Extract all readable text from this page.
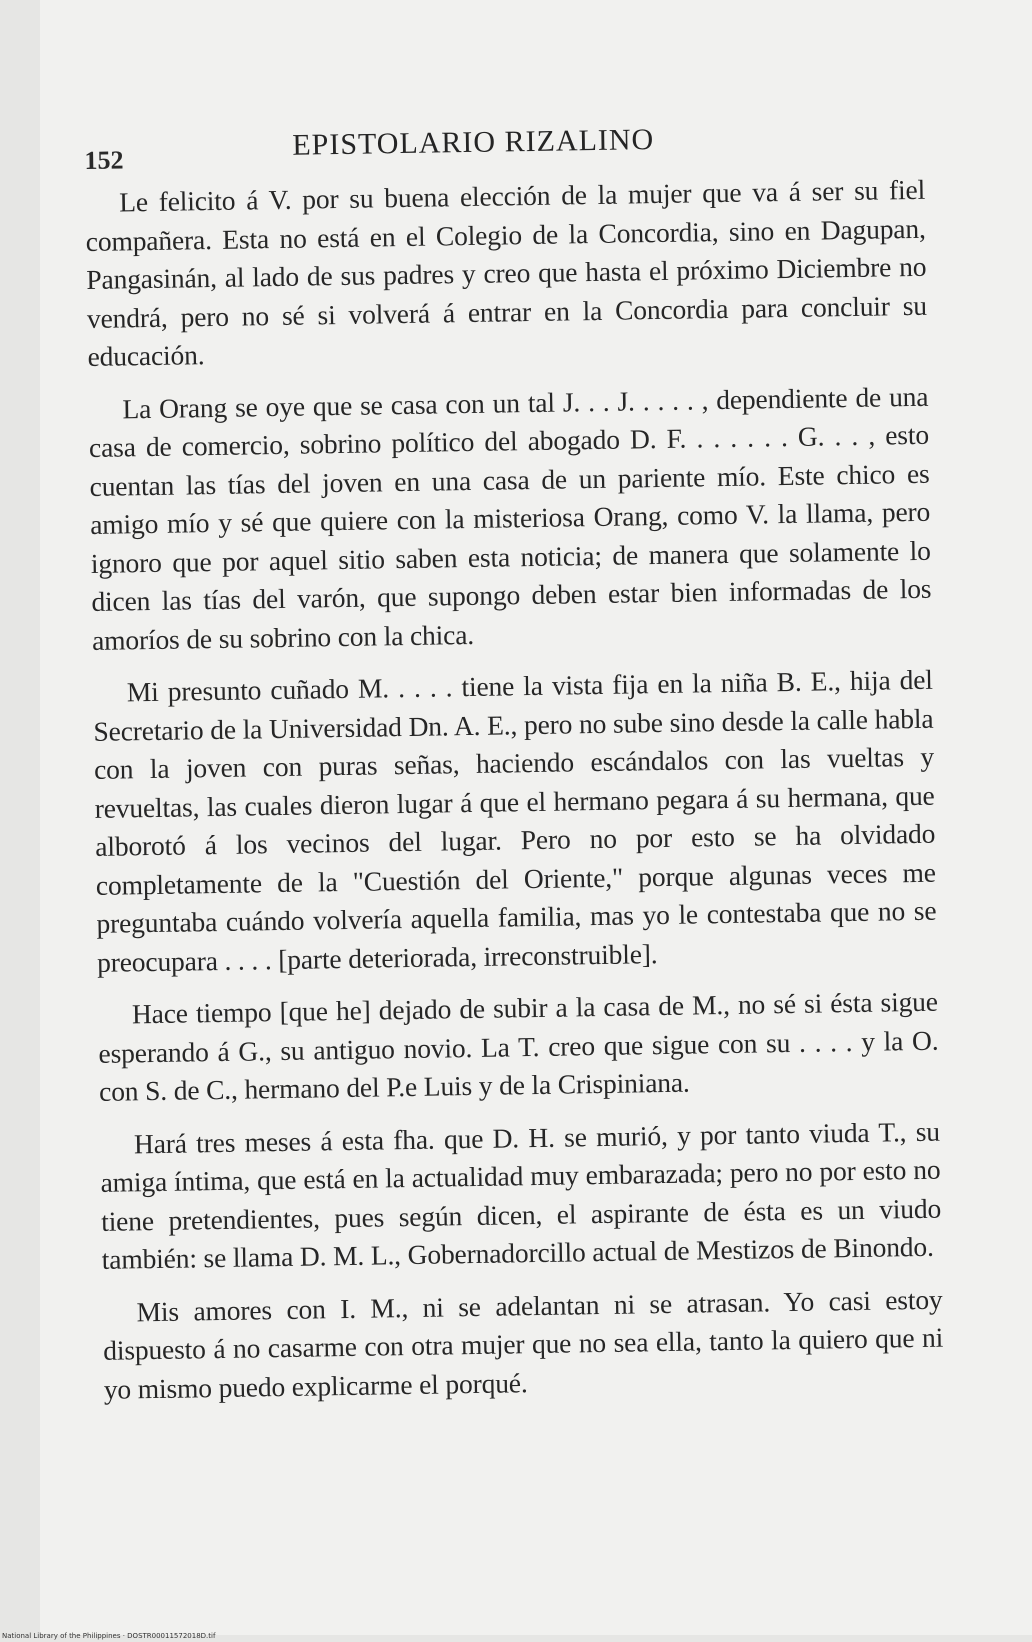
152	EPISTOLARIO RIZALINO

Le felicito á V. por su buena elección de la mujer que va á ser su fiel compañera. Esta no está en el Colegio de la Concordia, sino en Dagupan, Pangasinán, al lado de sus padres y creo que hasta el próximo Diciembre no vendrá, pero no sé si volverá á entrar en la Concordia para concluir su educación.

La Orang se oye que se casa con un tal J. . . J. . . . . , dependiente de una casa de comercio, sobrino político del abogado D. F. . . . . . . G. . . , esto cuentan las tías del joven en una casa de un pariente mío. Este chico es amigo mío y sé que quiere con la misteriosa Orang, como V. la llama, pero ignoro que por aquel sitio saben esta noticia; de manera que solamente lo dicen las tías del varón, que supongo deben estar bien informadas de los amoríos de su sobrino con la chica.

Mi presunto cuñado M. . . . . tiene la vista fija en la niña B. E., hija del Secretario de la Universidad Dn. A. E., pero no sube sino desde la calle habla con la joven con puras señas, haciendo escándalos con las vueltas y revueltas, las cuales dieron lugar á que el hermano pegara á su hermana, que alborotó á los vecinos del lugar. Pero no por esto se ha olvidado completamente de la "Cuestión del Oriente," porque algunas veces me preguntaba cuándo volvería aquella familia, mas yo le contestaba que no se preocupara . . . . [parte deteriorada, irreconstruible].

Hace tiempo [que he] dejado de subir a la casa de M., no sé si ésta sigue esperando á G., su antiguo novio. La T. creo que sigue con su . . . . y la O. con S. de C., hermano del P.e Luis y de la Crispiniana.

Hará tres meses á esta fha. que D. H. se murió, y por tanto viuda T., su amiga íntima, que está en la actualidad muy embarazada; pero no por esto no tiene pretendientes, pues según dicen, el aspirante de ésta es un viudo también: se llama D. M. L., Gobernadorcillo actual de Mestizos de Binondo.

Mis amores con I. M., ni se adelantan ni se atrasan. Yo casi estoy dispuesto á no casarme con otra mujer que no sea ella, tanto la quiero que ni yo mismo puedo explicarme el porqué.

National Library of the Philippines · DOSTR00011572018D.tif
